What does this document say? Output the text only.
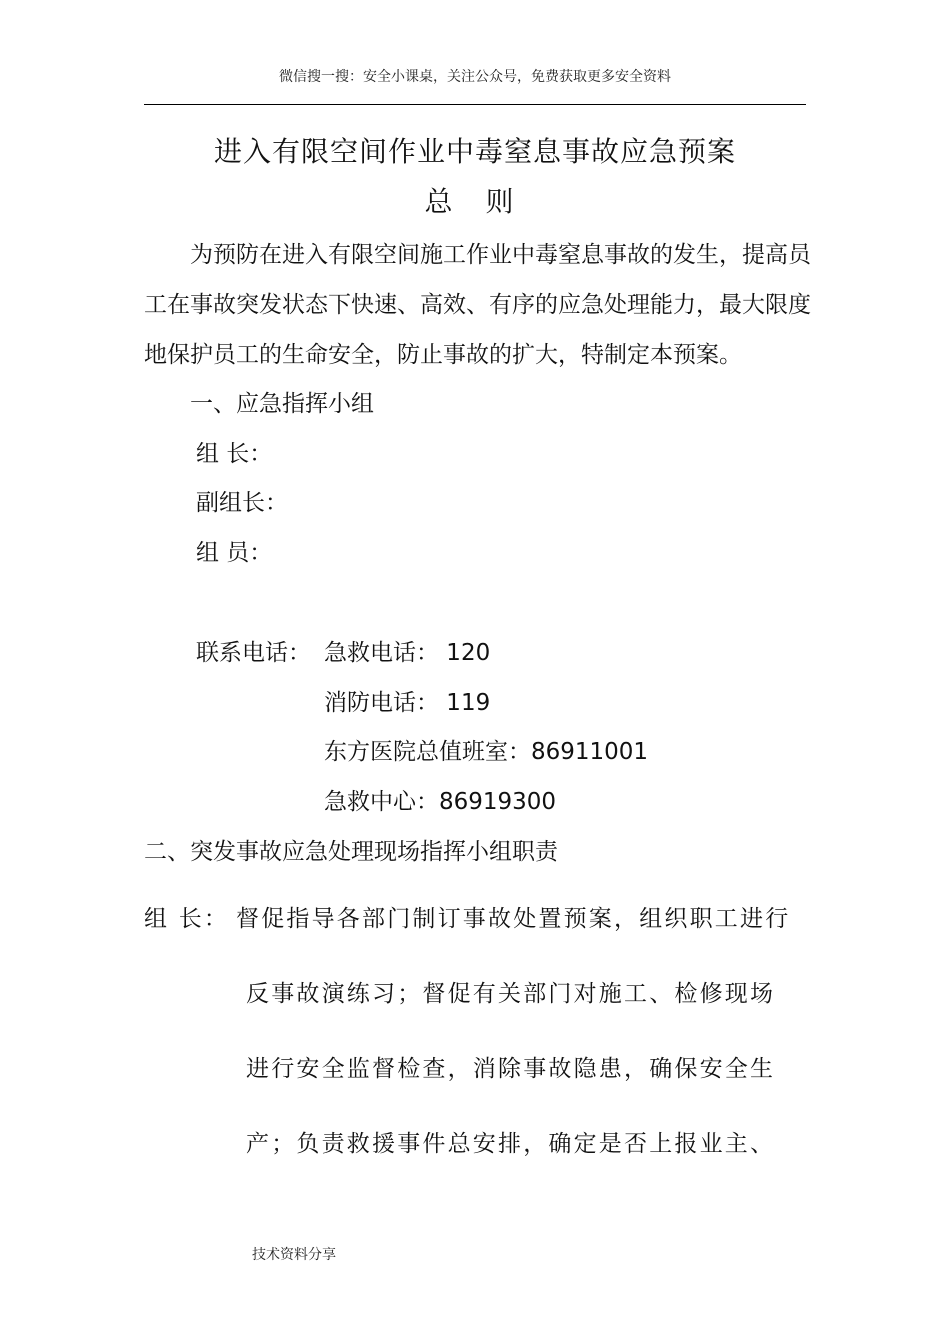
微信搜一搜：安全小课桌，关注公众号，免费获取更多安全资料
进入有限空间作业中毒窒息事故应急预案
总 则
为预防在进入有限空间施工作业中毒窒息事故的发生，提高员
工在事故突发状态下快速、高效、有序的应急处理能力，最大限度
地保护员工的生命安全，防止事故的扩大，特制定本预案。
一、应急指挥小组
组 长：
副组长：
组 员：
联系电话： 急救电话： 120
消防电话： 119
东方医院总值班室：86911001
急救中心：86919300
二、突发事故应急处理现场指挥小组职责
组 长： 督促指导各部门制订事故处置预案，组织职工进行
反事故演练习；督促有关部门对施工、检修现场
进行安全监督检查，消除事故隐患，确保安全生
产；负责救援事件总安排，确定是否上报业主、
技术资料分享
